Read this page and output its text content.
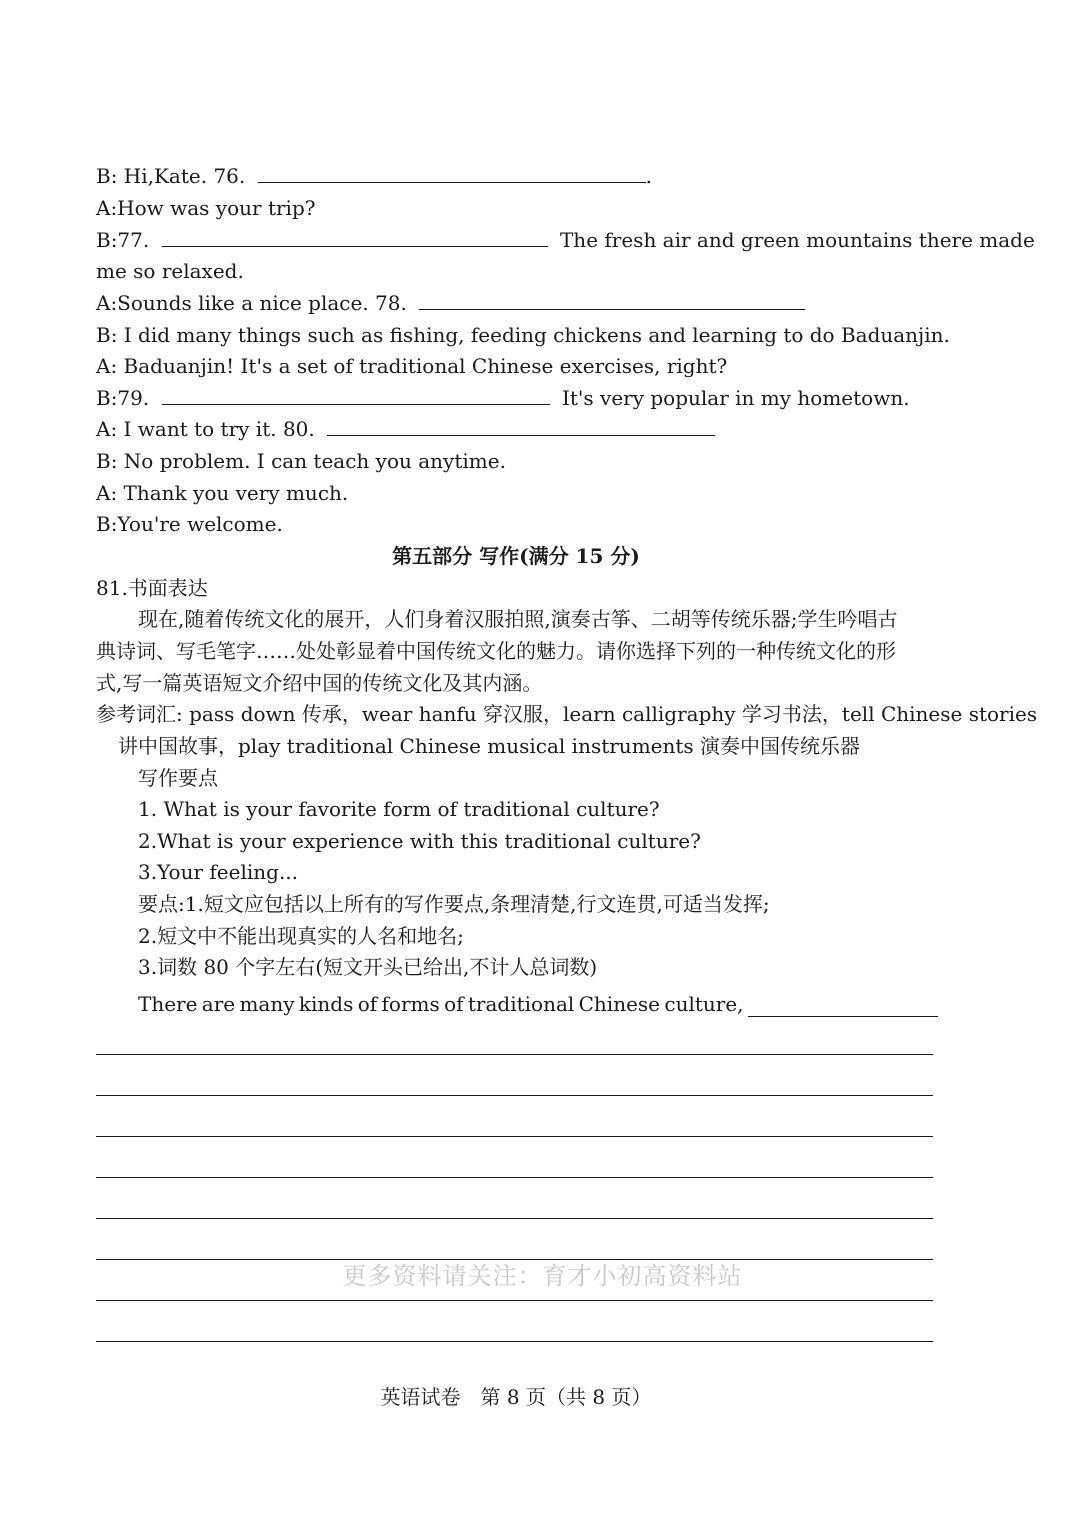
B: Hi,Kate. 76.	.
A:How was your trip?
B:77.	The fresh air and green mountains there made
me so relaxed.
A:Sounds like a nice place. 78.
B: I did many things such as fishing, feeding chickens and learning to do Baduanjin.
A: Baduanjin! It's a set of traditional Chinese exercises, right?
B:79.	It's very popular in my hometown.
A: I want to try it. 80.
B: No problem. I can teach you anytime.
A: Thank you very much.
B:You're welcome.
第五部分 写作(满分 15 分)
81.书面表达
现在,随着传统文化的展开，人们身着汉服拍照,演奏古筝、二胡等传统乐器;学生吟唱古
典诗词、写毛笔字……处处彰显着中国传统文化的魅力。请你选择下列的一种传统文化的形
式,写一篇英语短文介绍中国的传统文化及其内涵。
参考词汇: pass down 传承，wear hanfu 穿汉服，learn calligraphy 学习书法，tell Chinese stories
讲中国故事，play traditional Chinese musical instruments 演奏中国传统乐器
写作要点
1. What is your favorite form of traditional culture?
2.What is your experience with this traditional culture?
3.Your feeling...
要点:1.短文应包括以上所有的写作要点,条理清楚,行文连贯,可适当发挥;
2.短文中不能出现真实的人名和地名;
3.词数 80 个字左右(短文开头已给出,不计人总词数)
There are many kinds of forms of traditional Chinese culture,
更多资料请关注：育才小初高资料站
英语试卷　第 8 页（共 8 页）
